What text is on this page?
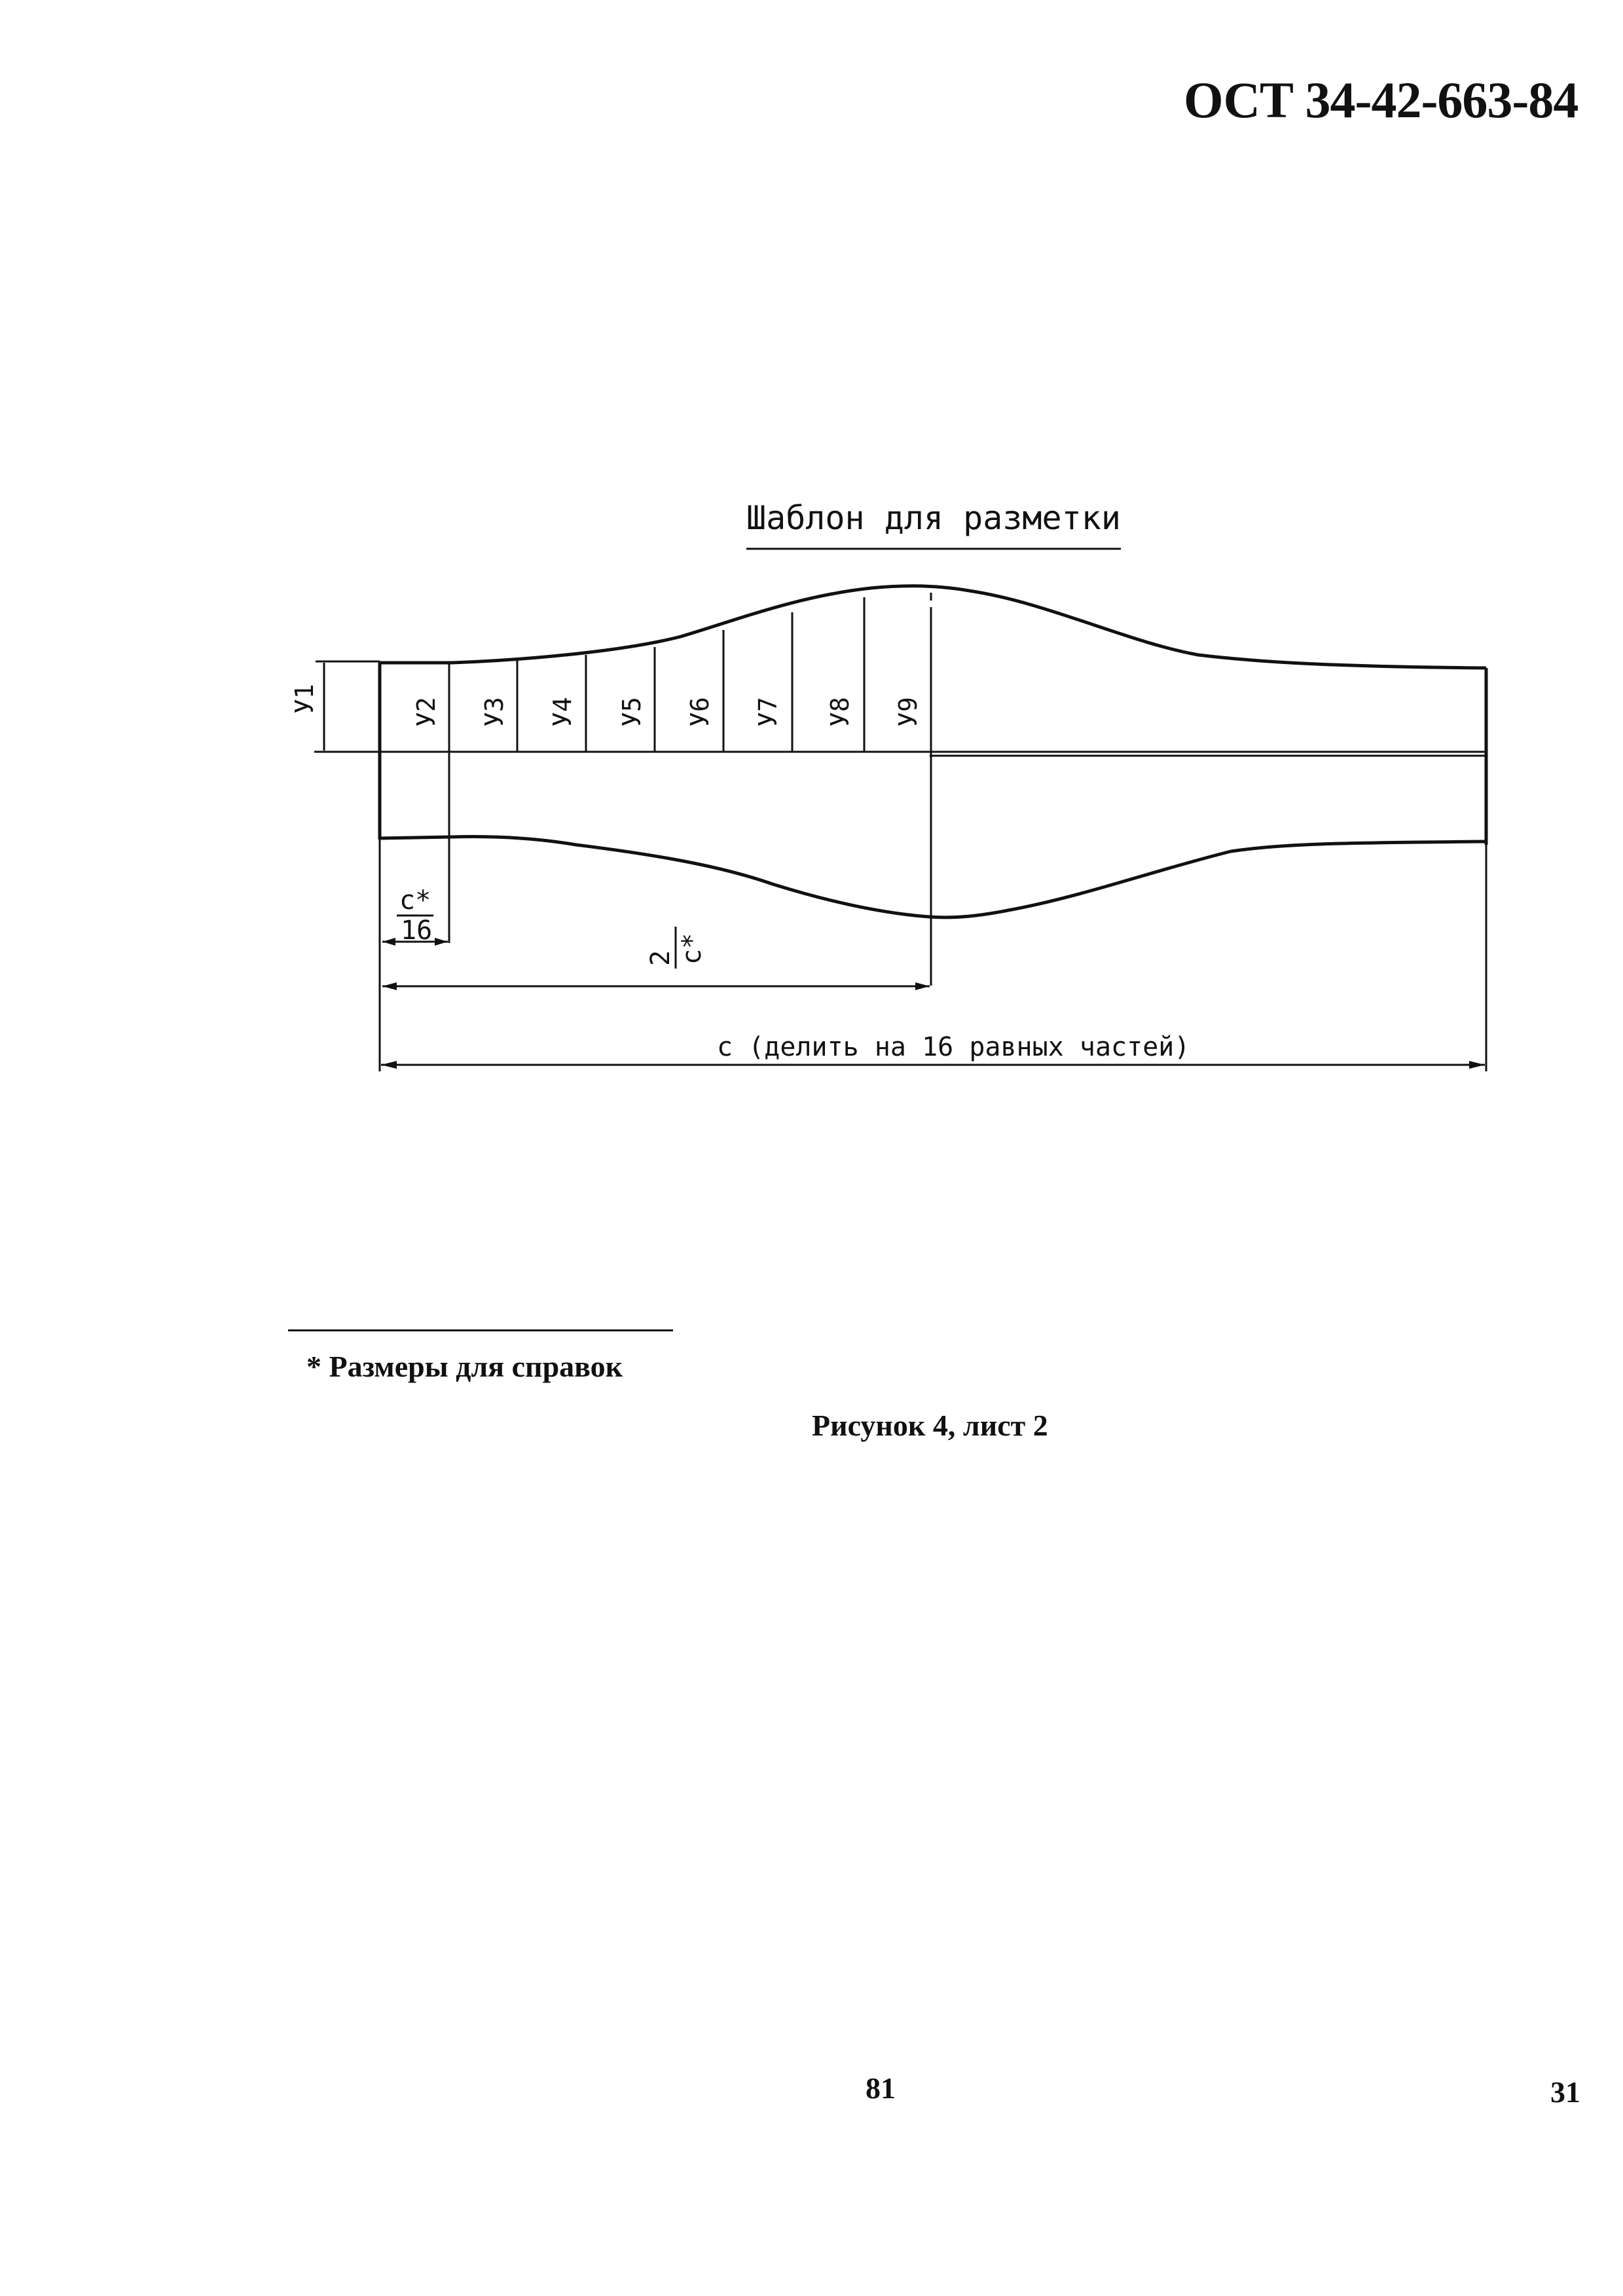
ОСТ 34-42-663-84
Шаблон для разметки
У1	У2 У3 У4 У5 У6 У7 У8 У9
с*
16
2 с*
с (делить на 16 равных частей)
* Размеры для справок
Рисунок 4, лист 2
81	31
